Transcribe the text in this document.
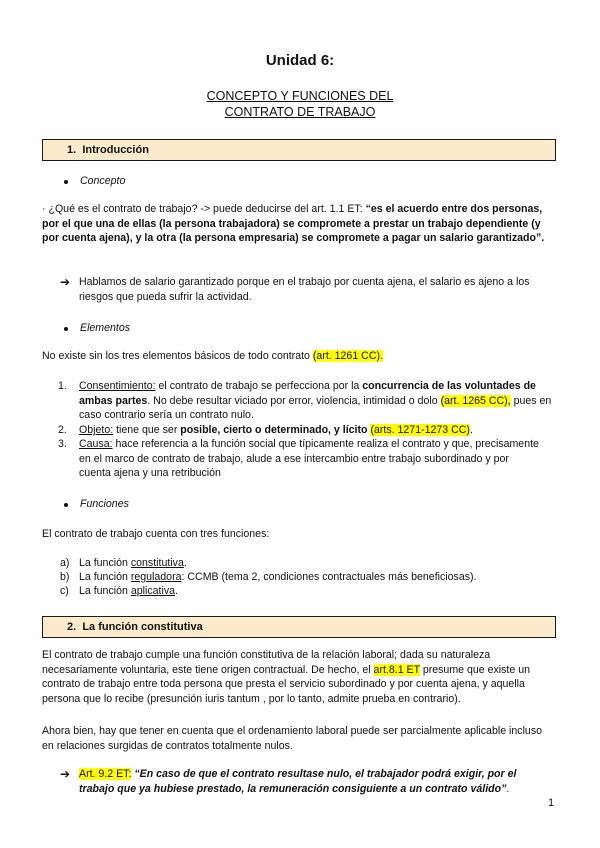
Unidad 6:
CONCEPTO Y FUNCIONES DEL
CONTRATO DE TRABAJO
1. Introducción
Concepto
· ¿Qué es el contrato de trabajo? -> puede deducirse del art. 1.1 ET: “es el acuerdo entre dos personas, por el que una de ellas (la persona trabajadora) se compromete a prestar un trabajo dependiente (y por cuenta ajena), y la otra (la persona empresaria) se compromete a pagar un salario garantizado”.
➔ Hablamos de salario garantizado porque en el trabajo por cuenta ajena, el salario es ajeno a los riesgos que pueda sufrir la actividad.
Elementos
No existe sin los tres elementos básicos de todo contrato (art. 1261 CC).
1. Consentimiento: el contrato de trabajo se perfecciona por la concurrencia de las voluntades de ambas partes. No debe resultar viciado por error, violencia, intimidad o dolo (art. 1265 CC), pues en caso contrario sería un contrato nulo.
2. Objeto: tiene que ser posible, cierto o determinado, y lícito (arts. 1271-1273 CC).
3. Causa: hace referencia a la función social que típicamente realiza el contrato y que, precisamente en el marco de contrato de trabajo, alude a ese intercambio entre trabajo subordinado y por cuenta ajena y una retribución
Funciones
El contrato de trabajo cuenta con tres funciones:
a) La función constitutiva.
b) La función reguladora: CCMB (tema 2, condiciones contractuales más beneficiosas).
c) La función aplicativa.
2. La función constitutiva
El contrato de trabajo cumple una función constitutiva de la relación laboral; dada su naturaleza necesariamente voluntaria, este tiene origen contractual. De hecho, el art.8.1 ET presume que existe un contrato de trabajo entre toda persona que presta el servicio subordinado y por cuenta ajena, y aquella persona que lo recibe (presunción iuris tantum , por lo tanto, admite prueba en contrario).
Ahora bien, hay que tener en cuenta que el ordenamiento laboral puede ser parcialmente aplicable incluso en relaciones surgidas de contratos totalmente nulos.
➔ Art. 9.2 ET: “En caso de que el contrato resultase nulo, el trabajador podrá exigir, por el trabajo que ya hubiese prestado, la remuneración consiguiente a un contrato válido”.
1
